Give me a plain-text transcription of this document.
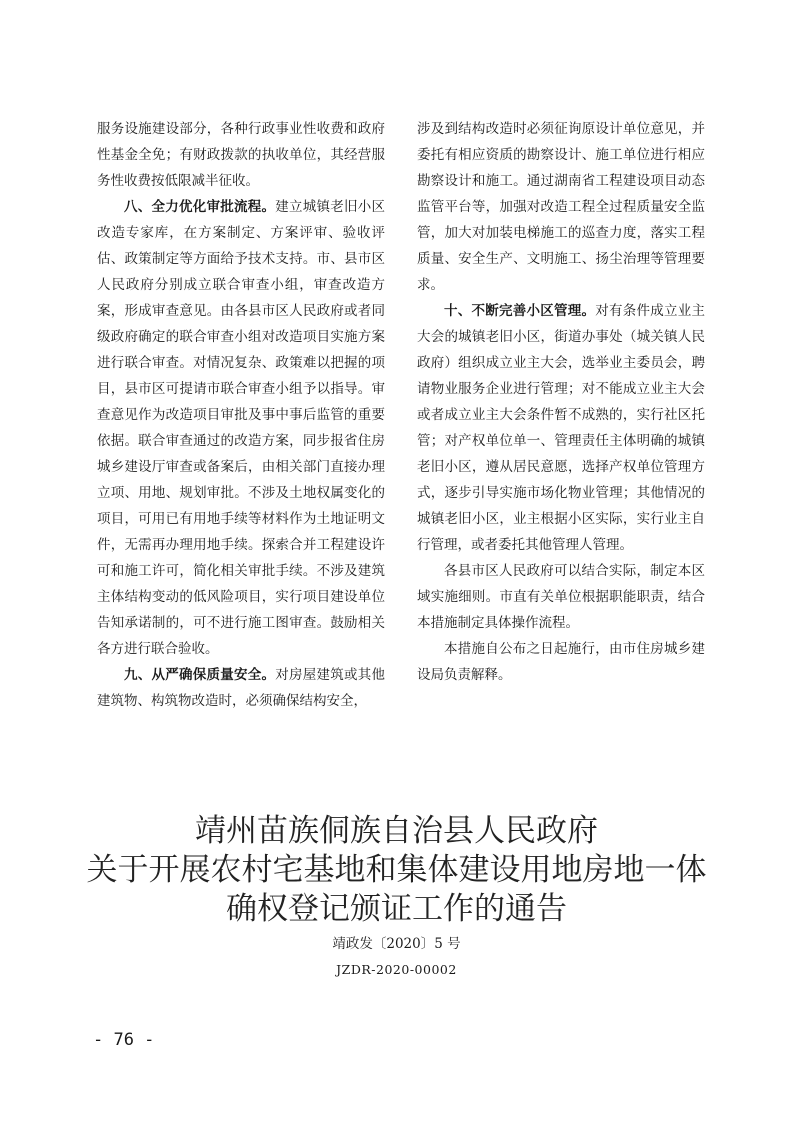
服务设施建设部分，各种行政事业性收费和政府性基金全免；有财政拨款的执收单位，其经营服务性收费按低限减半征收。

八、全力优化审批流程。建立城镇老旧小区改造专家库，在方案制定、方案评审、验收评估、政策制定等方面给予技术支持。市、县市区人民政府分别成立联合审查小组，审查改造方案，形成审查意见。由各县市区人民政府或者同级政府确定的联合审查小组对改造项目实施方案进行联合审查。对情况复杂、政策难以把握的项目，县市区可提请市联合审查小组予以指导。审查意见作为改造项目审批及事中事后监管的重要依据。联合审查通过的改造方案，同步报省住房城乡建设厅审查或备案后，由相关部门直接办理立项、用地、规划审批。不涉及土地权属变化的项目，可用已有用地手续等材料作为土地证明文件，无需再办理用地手续。探索合并工程建设许可和施工许可，简化相关审批手续。不涉及建筑主体结构变动的低风险项目，实行项目建设单位告知承诺制的，可不进行施工图审查。鼓励相关各方进行联合验收。

九、从严确保质量安全。对房屋建筑或其他建筑物、构筑物改造时，必须确保结构安全，

涉及到结构改造时必须征询原设计单位意见，并委托有相应资质的勘察设计、施工单位进行相应勘察设计和施工。通过湖南省工程建设项目动态监管平台等，加强对改造工程全过程质量安全监管，加大对加装电梯施工的巡查力度，落实工程质量、安全生产、文明施工、扬尘治理等管理要求。

十、不断完善小区管理。对有条件成立业主大会的城镇老旧小区，街道办事处（城关镇人民政府）组织成立业主大会，选举业主委员会，聘请物业服务企业进行管理；对不能成立业主大会或者成立业主大会条件暂不成熟的，实行社区托管；对产权单位单一、管理责任主体明确的城镇老旧小区，遵从居民意愿，选择产权单位管理方式，逐步引导实施市场化物业管理；其他情况的城镇老旧小区，业主根据小区实际，实行业主自行管理，或者委托其他管理人管理。

各县市区人民政府可以结合实际，制定本区域实施细则。市直有关单位根据职能职责，结合本措施制定具体操作流程。

本措施自公布之日起施行，由市住房城乡建设局负责解释。

靖州苗族侗族自治县人民政府
关于开展农村宅基地和集体建设用地房地一体
确权登记颁证工作的通告
靖政发〔2020〕5 号
JZDR-2020-00002
- 76 -
